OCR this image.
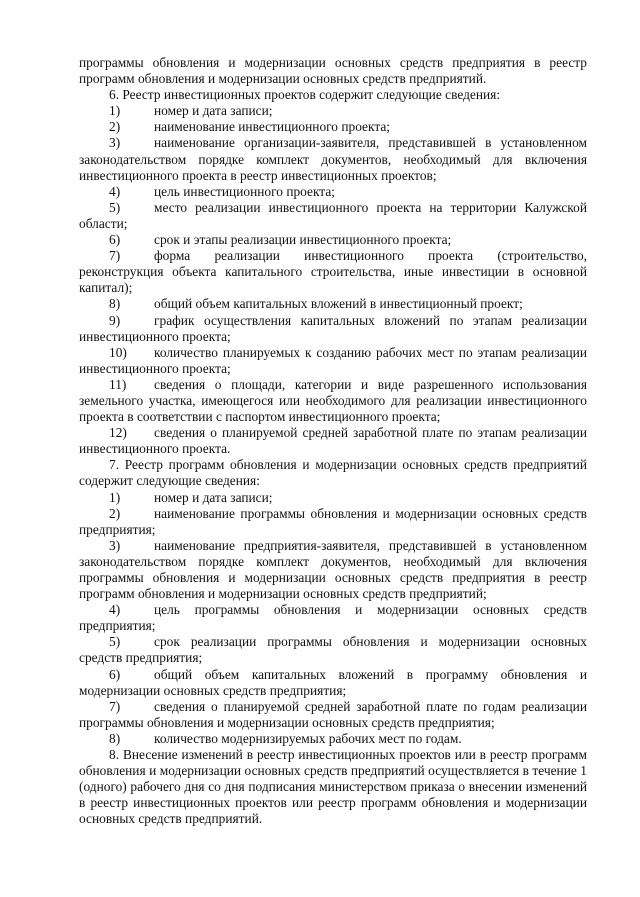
программы обновления и модернизации основных средств предприятия в реестр программ обновления и модернизации основных средств предприятий.

6. Реестр инвестиционных проектов содержит следующие сведения:

1)	номер и дата записи;

2)	наименование инвестиционного проекта;

3)	наименование организации-заявителя, представившей в установленном законодательством порядке комплект документов, необходимый для включения инвестиционного проекта в реестр инвестиционных проектов;

4)	цель инвестиционного проекта;

5)	место реализации инвестиционного проекта на территории Калужской области;

6)	срок и этапы реализации инвестиционного проекта;

7)	форма реализации инвестиционного проекта (строительство, реконструкция объекта капитального строительства, иные инвестиции в основной капитал);

8)	общий объем капитальных вложений в инвестиционный проект;

9)	график осуществления капитальных вложений по этапам реализации инвестиционного проекта;

10) количество планируемых к созданию рабочих мест по этапам реализации инвестиционного проекта;

11) сведения о площади, категории и виде разрешенного использования земельного участка, имеющегося или необходимого для реализации инвестиционного проекта в соответствии с паспортом инвестиционного проекта;

12) сведения о планируемой средней заработной плате по этапам реализации инвестиционного проекта.

7. Реестр программ обновления и модернизации основных средств предприятий содержит следующие сведения:

1)	номер и дата записи;

2)	наименование программы обновления и модернизации основных средств предприятия;

3)	наименование предприятия-заявителя, представившей в установленном законодательством порядке комплект документов, необходимый для включения программы обновления и модернизации основных средств предприятия в реестр программ обновления и модернизации основных средств предприятий;

4)	цель программы обновления и модернизации основных средств предприятия;

5)	срок реализации программы обновления и модернизации основных средств предприятия;

6)	общий объем капитальных вложений в программу обновления и модернизации основных средств предприятия;

7)	сведения о планируемой средней заработной плате по годам реализации программы обновления и модернизации основных средств предприятия;

8)	количество модернизируемых рабочих мест по годам.

8. Внесение изменений в реестр инвестиционных проектов или в реестр программ обновления и модернизации основных средств предприятий осуществляется в течение 1 (одного) рабочего дня со дня подписания министерством приказа о внесении изменений в реестр инвестиционных проектов или реестр программ обновления и модернизации основных средств предприятий.
